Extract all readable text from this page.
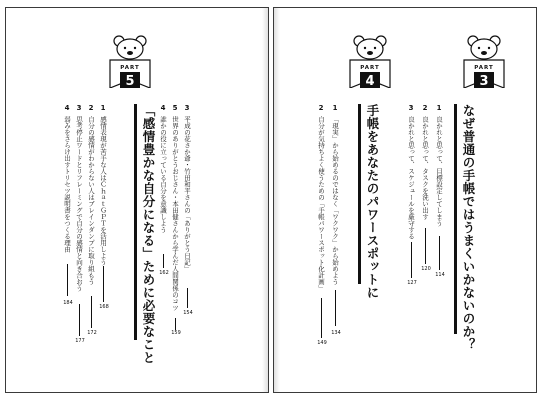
PART
5
「感情豊かな自分になる」ために必要なこと
1
感情表現が苦手な人はＣｈａｔＧＰＴを活用しよう
168
2
自分の感情がわからない人はブレインダンプに取り組もう
172
3
思考停止ワードとリフレーミングで自分の感情と向き合おう
177
4
弱みをさらけ出すトリセツ説明書をつくる理由
184
3
平成の花さか爺・竹田和平さんの「ありがとう日記」
154
5
世界のありがとうおじさん・本田健さんから学んだ人間関係のコツ
159
4
誰かの役に立っている自分を意識しよう
162
PART
4
PART
3
手帳をあなたのパワースポットに
1
「現実」から始めるのではなく「ワクワク」から始めよう
134
2
自分が気持ちよく使うための「手帳パワースポット化計画」
149	なぜ普通の手帳ではうまくいかないのか？
1
良かれと思って、目標設定してしまう
114
2
良かれと思って、タスクを洗い出す
120
3
良かれと思って、スケジュールを厳守する
127
